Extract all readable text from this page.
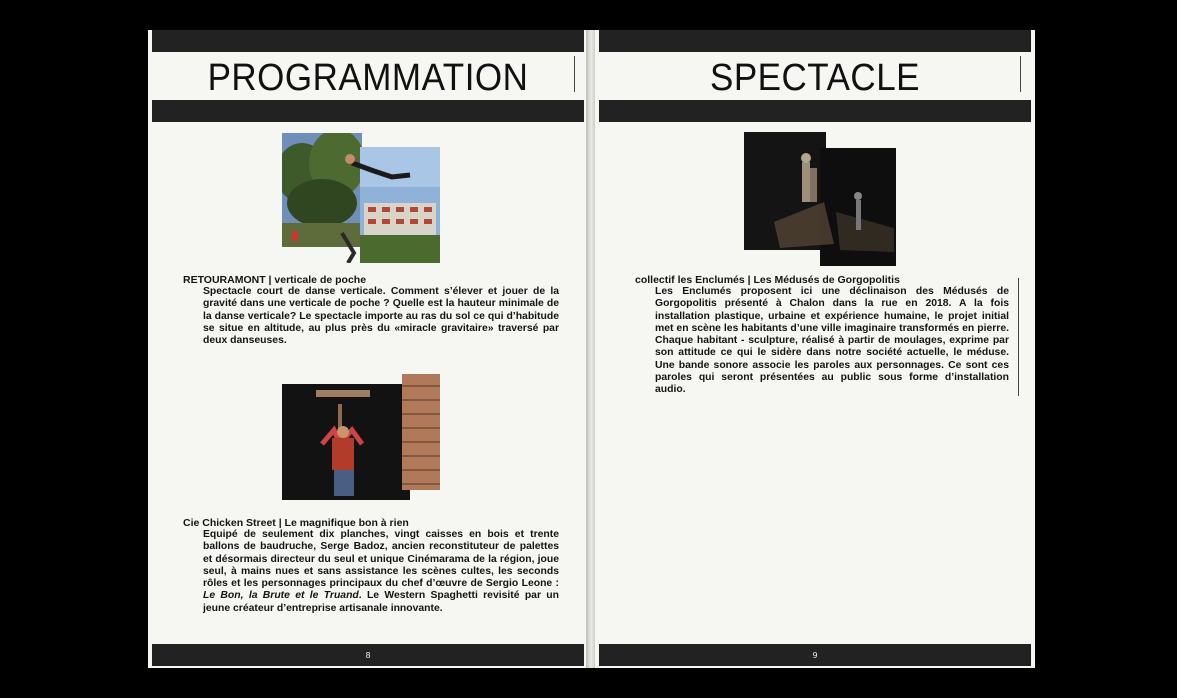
PROGRAMMATION
RETOURAMONT | verticale de poche
Spectacle court de danse verticale. Comment s’élever et jouer de la gravité dans une verticale de poche ? Quelle est la hauteur minimale de la danse verticale? Le spectacle importe au ras du sol ce qui d’habitude se situe en altitude, au plus près du «miracle gravitaire» traversé par deux danseuses.
Cie Chicken Street | Le magnifique bon à rien
Equipé de seulement dix planches, vingt caisses en bois et trente ballons de baudruche, Serge Badoz, ancien reconstituteur de palettes et désormais directeur du seul et unique Cinémarama de la région, joue seul, à mains nues et sans assistance les scènes cultes, les seconds rôles et les personnages principaux du chef d’œuvre de Sergio Leone : Le Bon, la Brute et le Truand. Le Western Spaghetti revisité par un jeune créateur d’entreprise artisanale innovante.
8
SPECTACLE
collectif les Enclumés | Les Médusés de Gorgopolitis
Les Enclumés proposent ici une déclinaison des Médusés de Gorgopolitis présenté à Chalon dans la rue en 2018. A la fois installation plastique, urbaine et expérience humaine, le projet initial met en scène les habitants d’une ville imaginaire transformés en pierre. Chaque habitant - sculpture, réalisé à partir de moulages, exprime par son attitude ce qui le sidère dans notre société actuelle, le méduse. Une bande sonore associe les paroles aux personnages. Ce sont ces paroles qui seront présentées au public sous forme d’installation audio.
9
